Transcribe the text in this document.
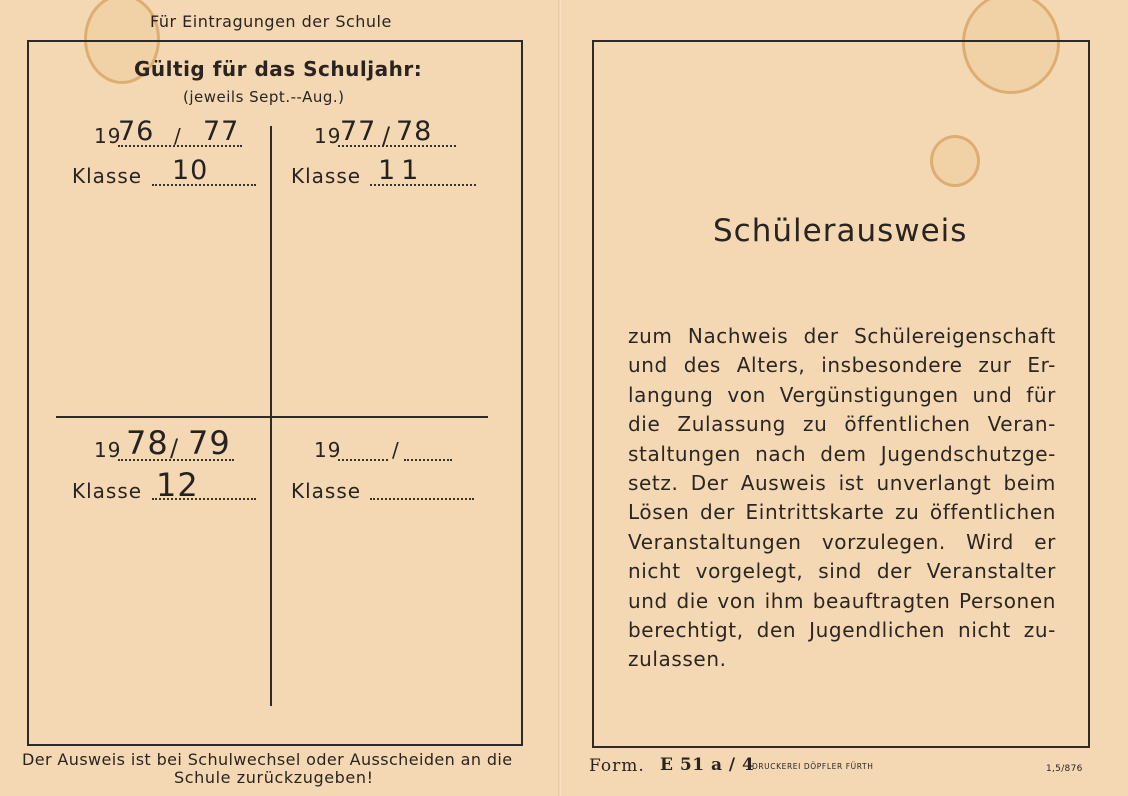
Für Eintragungen der Schule
Gültig für das Schuljahr:
(jeweils Sept.--Aug.)
19
76 / 77
Klasse 10
19
77 / 78
Klasse 11
19 78 / 79
Klasse 12
19	/
Klasse
Der Ausweis ist bei Schulwechsel oder Ausscheiden an die
Schule zurückzugeben!
Schülerausweis
zum Nachweis der Schülereigenschaft
und des Alters, insbesondere zur Er-
langung von Vergünstigungen und für
die Zulassung zu öffentlichen Veran-
staltungen nach dem Jugendschutzge-
setz. Der Ausweis ist unverlangt beim
Lösen der Eintrittskarte zu öffentlichen
Veranstaltungen vorzulegen. Wird er
nicht vorgelegt, sind der Veranstalter
und die von ihm beauftragten Personen
berechtigt, den Jugendlichen nicht zu-
zulassen.
Form. E 51 a / 4
DRUCKEREI DÖPFLER FÜRTH	1,5/876
